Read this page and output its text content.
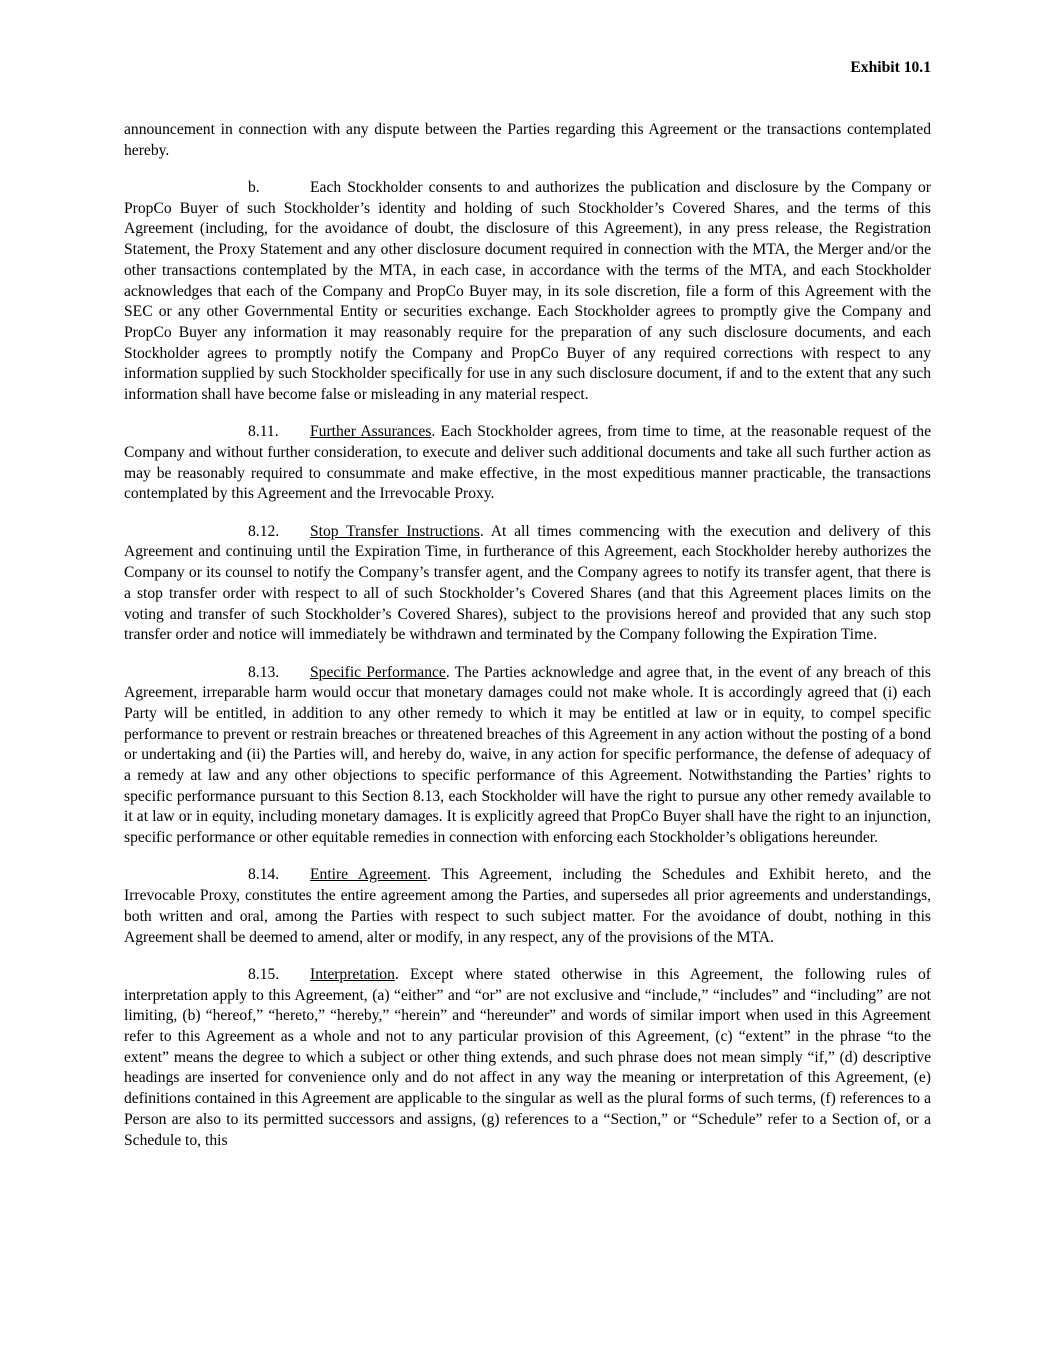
Exhibit 10.1

announcement in connection with any dispute between the Parties regarding this Agreement or the transactions contemplated hereby.

b.	Each Stockholder consents to and authorizes the publication and disclosure by the Company or PropCo Buyer of such Stockholder’s identity and holding of such Stockholder’s Covered Shares, and the terms of this Agreement (including, for the avoidance of doubt, the disclosure of this Agreement), in any press release, the Registration Statement, the Proxy Statement and any other disclosure document required in connection with the MTA, the Merger and/or the other transactions contemplated by the MTA, in each case, in accordance with the terms of the MTA, and each Stockholder acknowledges that each of the Company and PropCo Buyer may, in its sole discretion, file a form of this Agreement with the SEC or any other Governmental Entity or securities exchange. Each Stockholder agrees to promptly give the Company and PropCo Buyer any information it may reasonably require for the preparation of any such disclosure documents, and each Stockholder agrees to promptly notify the Company and PropCo Buyer of any required corrections with respect to any information supplied by such Stockholder specifically for use in any such disclosure document, if and to the extent that any such information shall have become false or misleading in any material respect.

8.11. Further Assurances. Each Stockholder agrees, from time to time, at the reasonable request of the Company and without further consideration, to execute and deliver such additional documents and take all such further action as may be reasonably required to consummate and make effective, in the most expeditious manner practicable, the transactions contemplated by this Agreement and the Irrevocable Proxy.

8.12. Stop Transfer Instructions. At all times commencing with the execution and delivery of this Agreement and continuing until the Expiration Time, in furtherance of this Agreement, each Stockholder hereby authorizes the Company or its counsel to notify the Company’s transfer agent, and the Company agrees to notify its transfer agent, that there is a stop transfer order with respect to all of such Stockholder’s Covered Shares (and that this Agreement places limits on the voting and transfer of such Stockholder’s Covered Shares), subject to the provisions hereof and provided that any such stop transfer order and notice will immediately be withdrawn and terminated by the Company following the Expiration Time.

8.13. Specific Performance. The Parties acknowledge and agree that, in the event of any breach of this Agreement, irreparable harm would occur that monetary damages could not make whole. It is accordingly agreed that (i) each Party will be entitled, in addition to any other remedy to which it may be entitled at law or in equity, to compel specific performance to prevent or restrain breaches or threatened breaches of this Agreement in any action without the posting of a bond or undertaking and (ii) the Parties will, and hereby do, waive, in any action for specific performance, the defense of adequacy of a remedy at law and any other objections to specific performance of this Agreement. Notwithstanding the Parties’ rights to specific performance pursuant to this Section 8.13, each Stockholder will have the right to pursue any other remedy available to it at law or in equity, including monetary damages. It is explicitly agreed that PropCo Buyer shall have the right to an injunction, specific performance or other equitable remedies in connection with enforcing each Stockholder’s obligations hereunder.

8.14. Entire Agreement. This Agreement, including the Schedules and Exhibit hereto, and the Irrevocable Proxy, constitutes the entire agreement among the Parties, and supersedes all prior agreements and understandings, both written and oral, among the Parties with respect to such subject matter. For the avoidance of doubt, nothing in this Agreement shall be deemed to amend, alter or modify, in any respect, any of the provisions of the MTA.

8.15. Interpretation. Except where stated otherwise in this Agreement, the following rules of interpretation apply to this Agreement, (a) “either” and “or” are not exclusive and “include,” “includes” and “including” are not limiting, (b) “hereof,” “hereto,” “hereby,” “herein” and “hereunder” and words of similar import when used in this Agreement refer to this Agreement as a whole and not to any particular provision of this Agreement, (c) “extent” in the phrase “to the extent” means the degree to which a subject or other thing extends, and such phrase does not mean simply “if,” (d) descriptive headings are inserted for convenience only and do not affect in any way the meaning or interpretation of this Agreement, (e) definitions contained in this Agreement are applicable to the singular as well as the plural forms of such terms, (f) references to a Person are also to its permitted successors and assigns, (g) references to a “Section,” or “Schedule” refer to a Section of, or a Schedule to, this
